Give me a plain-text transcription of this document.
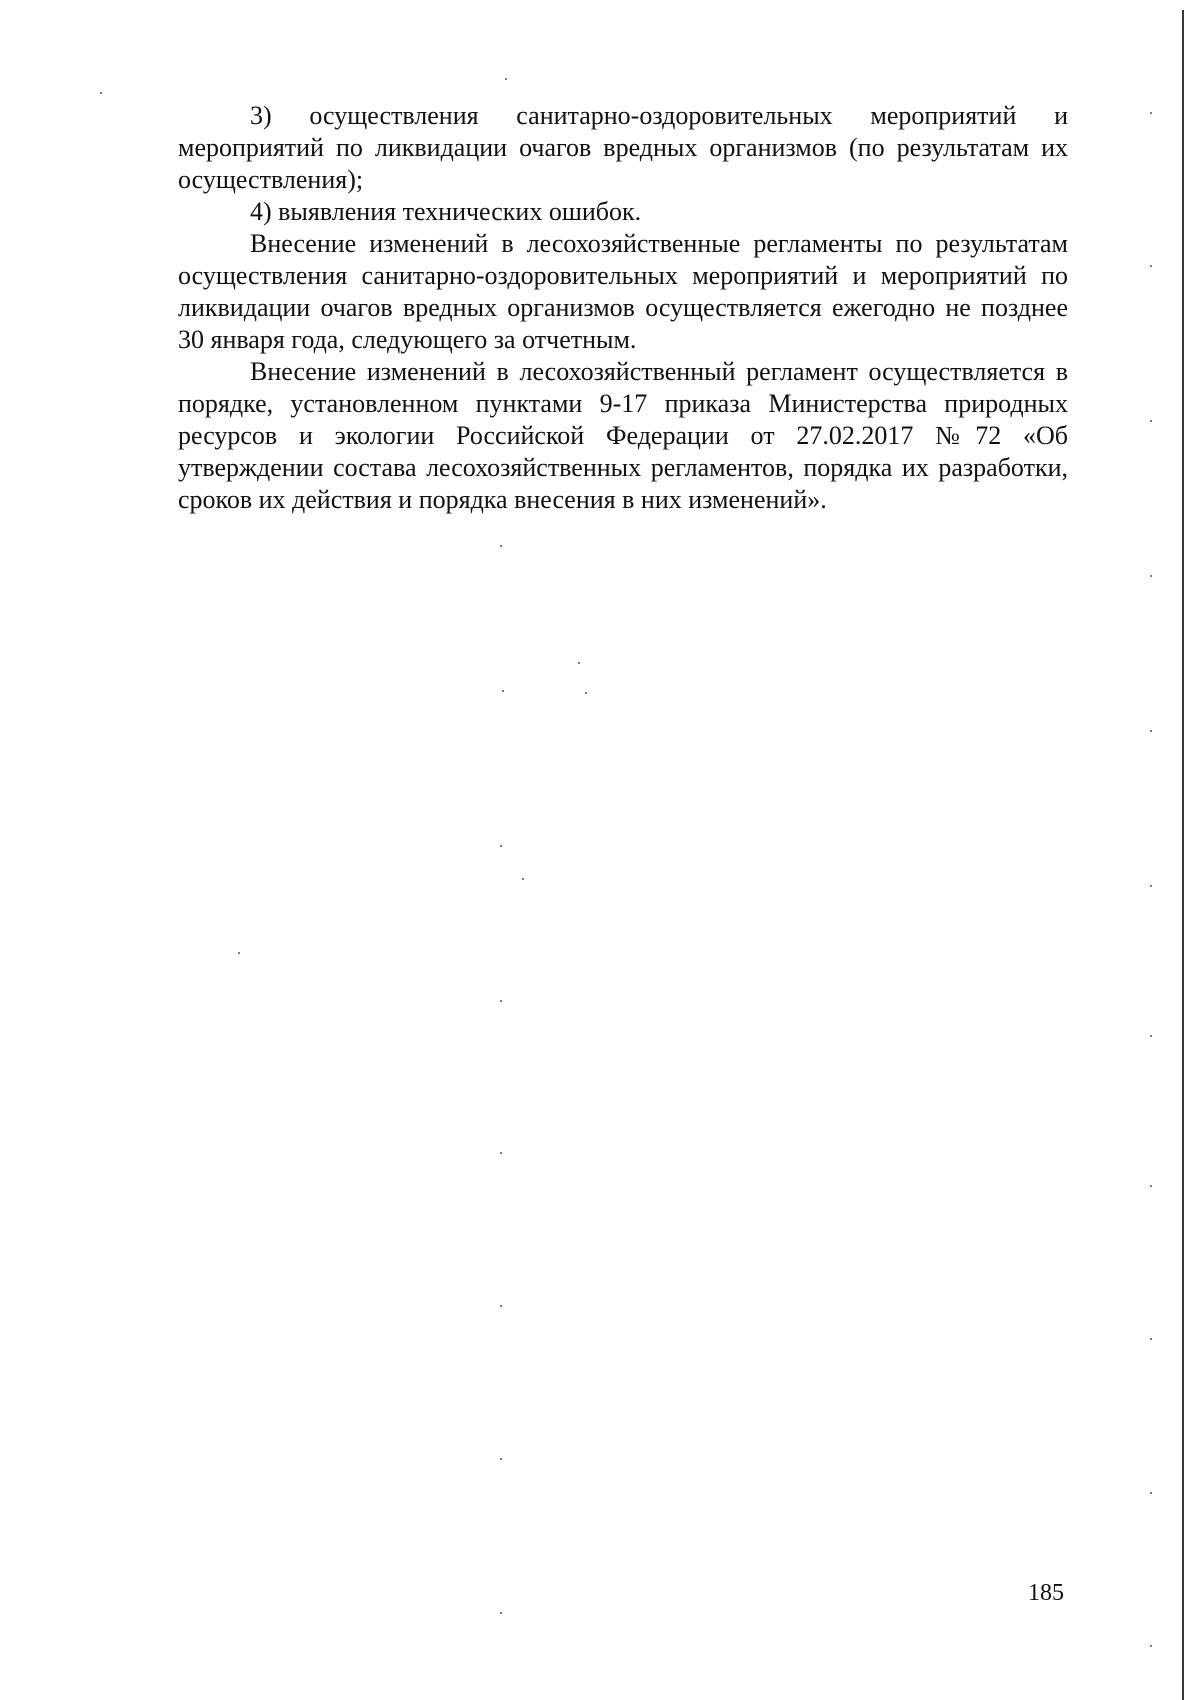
3) осуществления санитарно-оздоровительных мероприятий и мероприятий по ликвидации очагов вредных организмов (по результатам их осуществления);

4) выявления технических ошибок.

Внесение изменений в лесохозяйственные регламенты по результатам осуществления санитарно-оздоровительных мероприятий и мероприятий по ликвидации очагов вредных организмов осуществляется ежегодно не позднее 30 января года, следующего за отчетным.

Внесение изменений в лесохозяйственный регламент осуществляется в порядке, установленном пунктами 9-17 приказа Министерства природных ресурсов и экологии Российской Федерации от 27.02.2017 №72 «Об утверждении состава лесохозяйственных регламентов, порядка их разработки, сроков их действия и порядка внесения в них изменений».

185
